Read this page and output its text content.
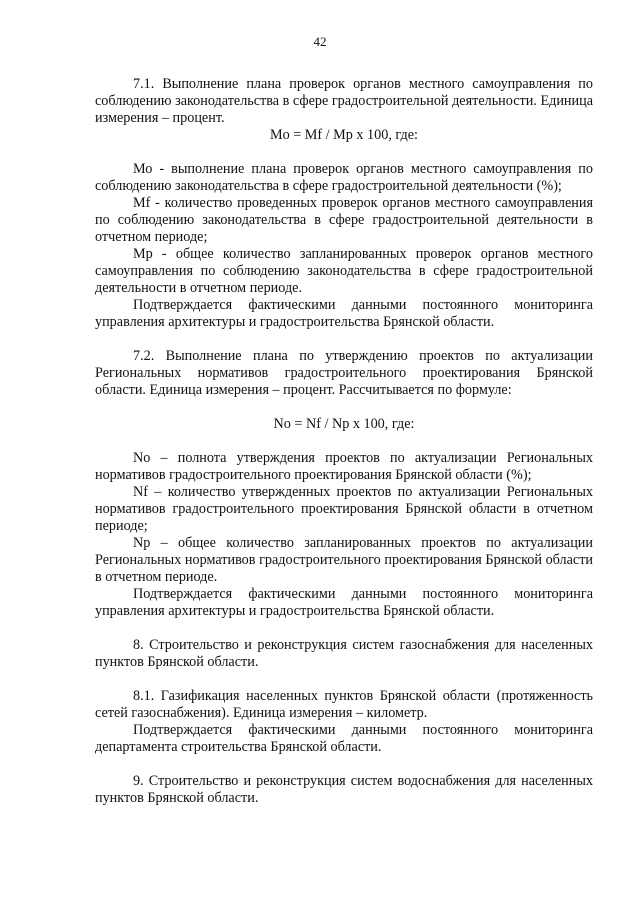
42

7.1. Выполнение плана проверок органов местного самоуправления по соблюдению законодательства в сфере градостроительной деятельности. Единица измерения – процент.

Mo = Mf / Mp x 100, где:

Мо - выполнение плана проверок органов местного самоуправления по соблюдению законодательства в сфере градостроительной деятельности (%);

Mf - количество проведенных проверок органов местного самоуправления по соблюдению законодательства в сфере градостроительной деятельности в отчетном периоде;

Mp - общее количество запланированных проверок органов местного самоуправления по соблюдению законодательства в сфере градостроительной деятельности в отчетном периоде.

Подтверждается фактическими данными постоянного мониторинга управления архитектуры и градостроительства Брянской области.

7.2. Выполнение плана по утверждению проектов по актуализации Региональных нормативов градостроительного проектирования Брянской области. Единица измерения – процент. Рассчитывается по формуле:

No = Nf / Np x 100, где:

No – полнота утверждения проектов по актуализации Региональных нормативов градостроительного проектирования Брянской области (%);

Nf – количество утвержденных проектов по актуализации Региональных нормативов градостроительного проектирования Брянской области в отчетном периоде;

Np – общее количество запланированных проектов по актуализации Региональных нормативов градостроительного проектирования Брянской области в отчетном периоде.

Подтверждается фактическими данными постоянного мониторинга управления архитектуры и градостроительства Брянской области.

8. Строительство и реконструкция систем газоснабжения для населенных пунктов Брянской области.

8.1. Газификация населенных пунктов Брянской области (протяженность сетей газоснабжения). Единица измерения – километр.

Подтверждается фактическими данными постоянного мониторинга департамента строительства Брянской области.

9. Строительство и реконструкция систем водоснабжения для населенных пунктов Брянской области.
